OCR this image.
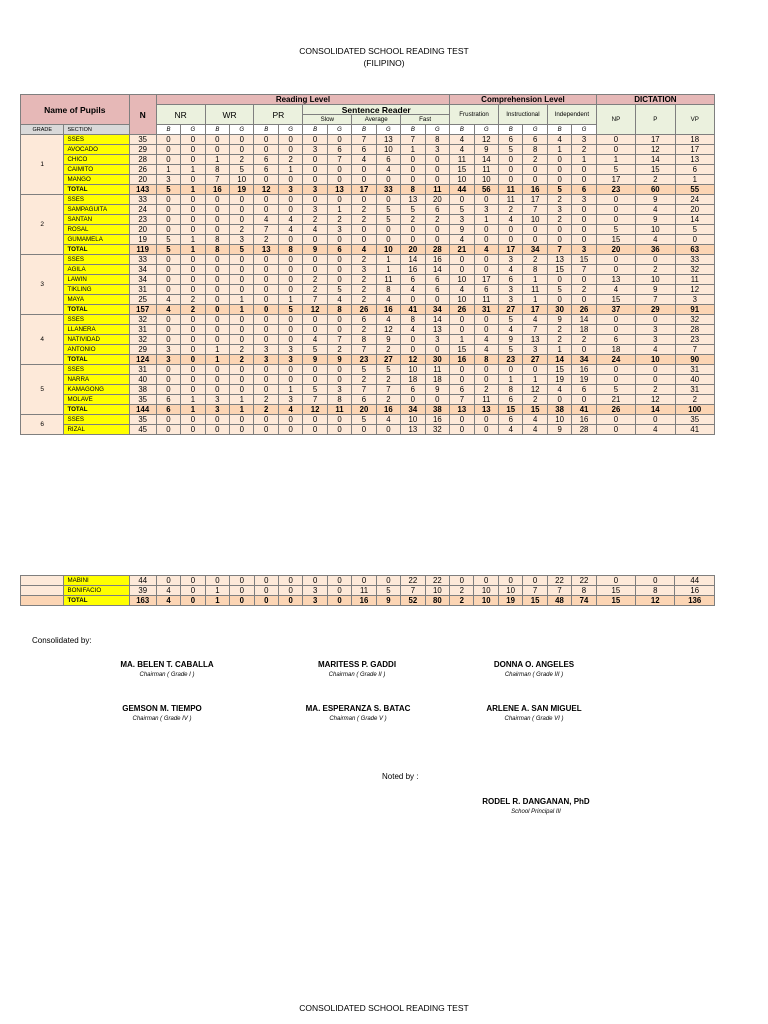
CONSOLIDATED SCHOOL READING TEST
(FILIPINO)
Name of Pupils		N	Reading Level												Comprehension Level						DICTATION		
			NR		WR		PR		Sentence Reader						Frustration		Instructional		Independent		NP	P	VP
									Slow		Average		Fast										
GRADE	SECTION		B	G	B	G	B	G	B	G	B	G	B	G	B	G	B	G	B	G			
1	SSES	35	0	0	0	0	0	0	0	0	7	13	7	8	4	12	6	6	4	3	0	17	18
	AVOCADO	29	0	0	0	0	0	0	3	6	6	10	1	3	4	9	5	8	1	2	0	12	17
	CHICO	28	0	0	1	2	6	2	0	7	4	6	0	0	11	14	0	2	0	1	1	14	13
	CAIMITO	26	1	1	8	5	6	1	0	0	0	4	0	0	15	11	0	0	0	0	5	15	6
	MANGO	20	3	0	7	10	0	0	0	0	0	0	0	0	10	10	0	0	0	0	17	2	1
	TOTAL	143	5	1	16	19	12	3	3	13	17	33	8	11	44	56	11	16	5	6	23	60	55
2	SSES	33	0	0	0	0	0	0	0	0	0	0	13	20	0	0	11	17	2	3	0	9	24
	SAMPAGUITA	24	0	0	0	0	0	0	3	1	2	5	5	6	5	3	2	7	3	0	0	4	20
	SANTAN	23	0	0	0	0	4	4	2	2	2	5	2	2	3	1	4	10	2	0	0	9	14
	ROSAL	20	0	0	0	2	7	4	4	3	0	0	0	0	9	0	0	0	0	0	5	10	5
	GUMAMELA	19	5	1	8	3	2	0	0	0	0	0	0	0	4	0	0	0	0	0	15	4	0
	TOTAL	119	5	1	8	5	13	8	9	6	4	10	20	28	21	4	17	34	7	3	20	36	63
3	SSES	33	0	0	0	0	0	0	0	0	2	1	14	16	0	0	3	2	13	15	0	0	33
	AGILA	34	0	0	0	0	0	0	0	0	3	1	16	14	0	0	4	8	15	7	0	2	32
	LAWIN	34	0	0	0	0	0	0	2	0	2	11	6	6	10	17	6	1	0	0	13	10	11
	TIKLING	31	0	0	0	0	0	0	2	5	2	8	4	6	4	6	3	11	5	2	4	9	12
	MAYA	25	4	2	0	1	0	1	7	4	2	4	0	0	10	11	3	1	0	0	15	7	3
	TOTAL	157	4	2	0	1	0	5	12	8	26	16	41	34	26	31	27	17	30	26	37	29	91
4	SSES	32	0	0	0	0	0	0	0	0	6	4	8	14	0	0	5	4	9	14	0	0	32
	LLANERA	31	0	0	0	0	0	0	0	0	2	12	4	13	0	0	4	7	2	18	0	3	28
	NATIVIDAD	32	0	0	0	0	0	0	4	7	8	9	0	3	1	4	9	13	2	2	6	3	23
	ANTONIO	29	3	0	1	2	3	3	5	2	7	2	0	0	15	4	5	3	1	0	18	4	7
	TOTAL	124	3	0	1	2	3	3	9	9	23	27	12	30	16	8	23	27	14	34	24	10	90
5	SSES	31	0	0	0	0	0	0	0	0	5	5	10	11	0	0	0	0	15	16	0	0	31
	NARRA	40	0	0	0	0	0	0	0	0	2	2	18	18	0	0	1	1	19	19	0	0	40
	KAMAGONG	38	0	0	0	0	0	1	5	3	7	7	6	9	6	2	8	12	4	6	5	2	31
	MOLAVE	35	6	1	3	1	2	3	7	8	6	2	0	0	7	11	6	2	0	0	21	12	2
	TOTAL	144	6	1	3	1	2	4	12	11	20	16	34	38	13	13	15	15	38	41	26	14	100
6	SSES	35	0	0	0	0	0	0	0	0	5	4	10	16	0	0	6	4	10	16	0	0	35
	RIZAL	45	0	0	0	0	0	0	0	0	0	0	13	32	0	0	4	4	9	28	0	4	41
	MABINI	44	0	0	0	0	0	0	0	0	0	0	22	22	0	0	0	0	22	22	0	0	44
	BONIFACIO	39	4	0	1	0	0	0	3	0	11	5	7	10	2	10	10	7	7	8	15	8	16
	TOTAL	163	4	0	1	0	0	0	3	0	16	9	52	80	2	10	19	15	48	74	15	12	136
Consolidated by:
MA. BELEN T. CABALLA
Chairman ( Grade I )
MARITESS P. GADDI
Chairman ( Grade II )
DONNA O. ANGELES
Chairman ( Grade III )
GEMSON M. TIEMPO
Chairman ( Grade IV )
MA. ESPERANZA S. BATAC
Chairman ( Grade V )
ARLENE A. SAN MIGUEL
Chairman ( Grade VI )
Noted by :
RODEL R. DANGANAN, PhD
School Principal III
CONSOLIDATED SCHOOL READING TEST
